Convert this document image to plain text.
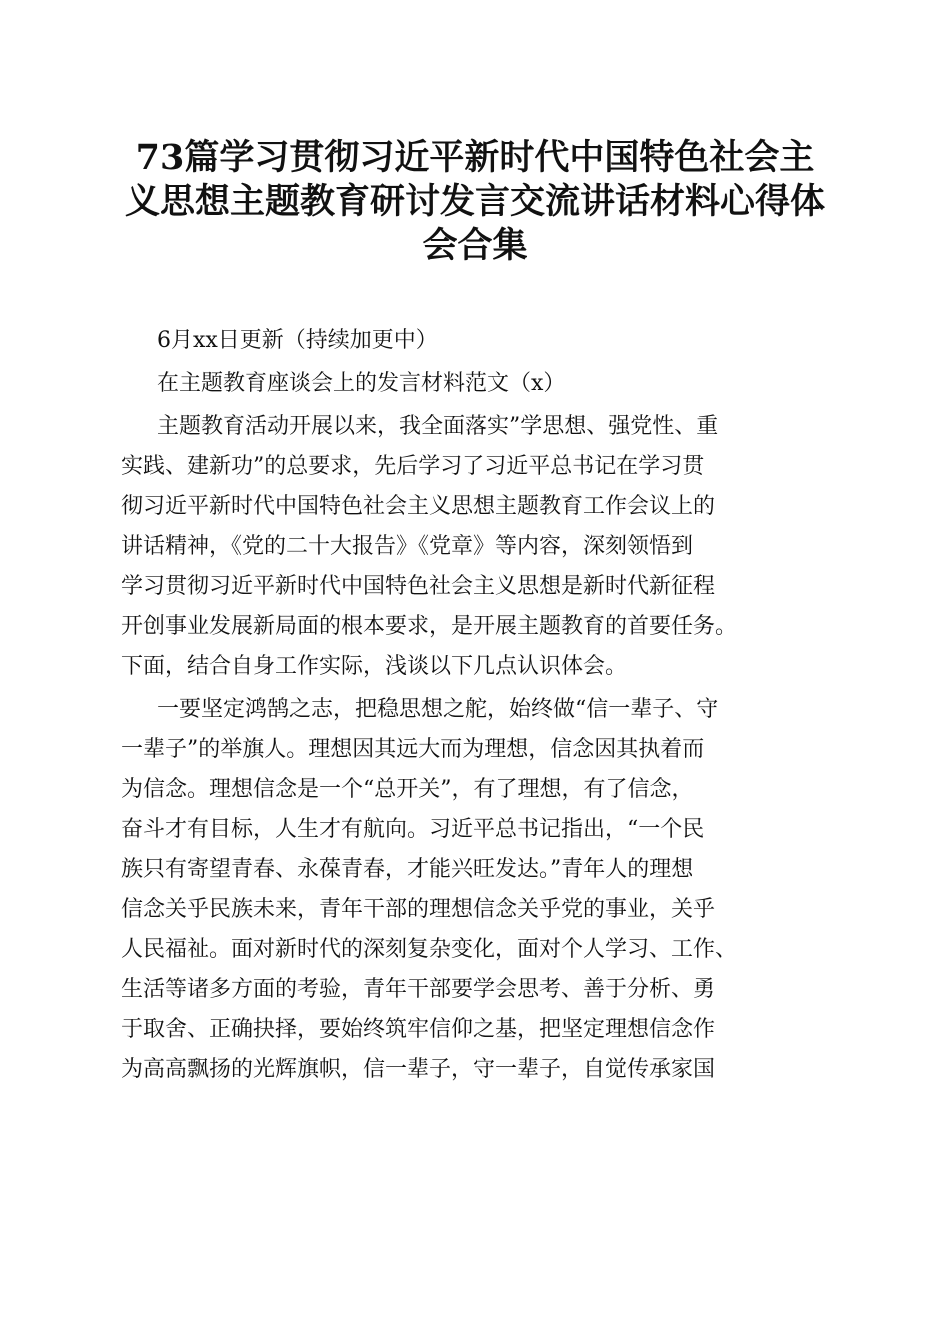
73篇学习贯彻习近平新时代中国特色社会主
义思想主题教育研讨发言交流讲话材料心得体
会合集
6月xx日更新（持续加更中）
在主题教育座谈会上的发言材料范文（x）
主题教育活动开展以来，我全面落实”学思想、强党性、重
实践、建新功”的总要求，先后学习了习近平总书记在学习贯
彻习近平新时代中国特色社会主义思想主题教育工作会议上的
讲话精神，《党的二十大报告》《党章》等内容，深刻领悟到
学习贯彻习近平新时代中国特色社会主义思想是新时代新征程
开创事业发展新局面的根本要求，是开展主题教育的首要任务。
下面，结合自身工作实际，浅谈以下几点认识体会。
一要坚定鸿鹄之志，把稳思想之舵，始终做“信一辈子、守
一辈子”的举旗人。理想因其远大而为理想，信念因其执着而
为信念。理想信念是一个“总开关”，有了理想，有了信念，
奋斗才有目标，人生才有航向。习近平总书记指出，“一个民
族只有寄望青春、永葆青春，才能兴旺发达。”青年人的理想
信念关乎民族未来，青年干部的理想信念关乎党的事业，关乎
人民福祉。面对新时代的深刻复杂变化，面对个人学习、工作、
生活等诸多方面的考验，青年干部要学会思考、善于分析、勇
于取舍、正确抉择，要始终筑牢信仰之基，把坚定理想信念作
为高高飘扬的光辉旗帜，信一辈子，守一辈子，自觉传承家国
